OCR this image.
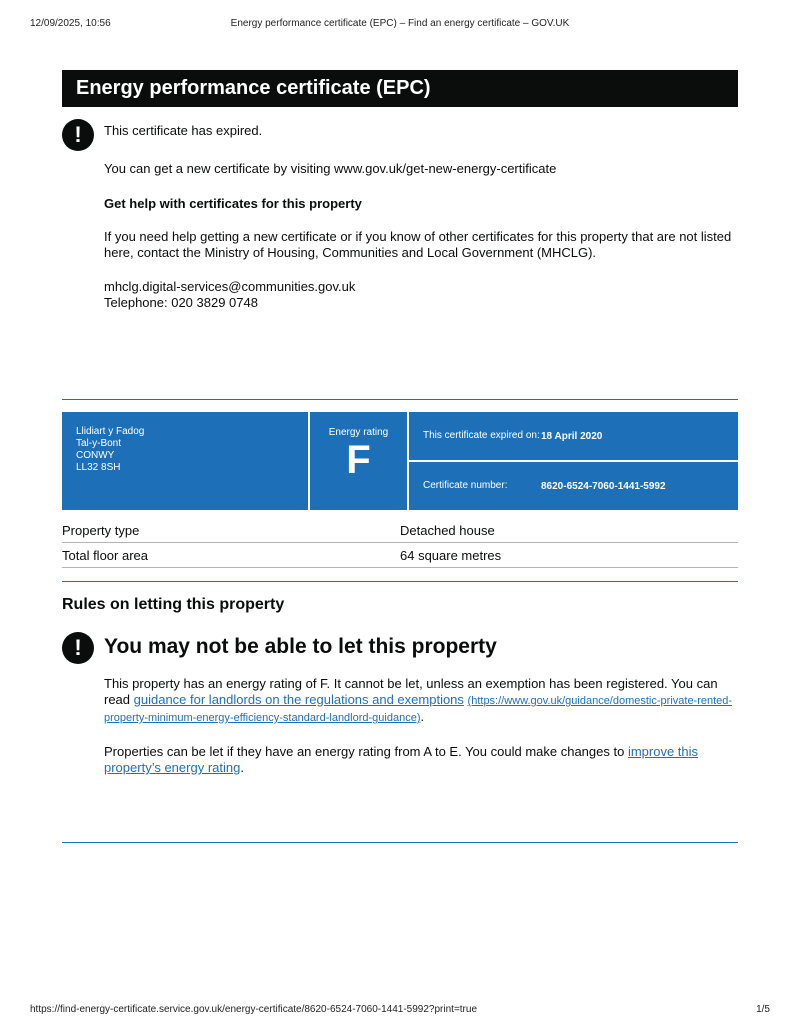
12/09/2025, 10:56	Energy performance certificate (EPC) – Find an energy certificate – GOV.UK
Energy performance certificate (EPC)
!	This certificate has expired.

You can get a new certificate by visiting www.gov.uk/get-new-energy-certificate

Get help with certificates for this property

If you need help getting a new certificate or if you know of other certificates for this property that are not listed here, contact the Ministry of Housing, Communities and Local Government (MHCLG).

mhclg.digital-services@communities.gov.uk

Telephone: 020 3829 0748

Llidiart y Fadog
Tal-y-Bont
CONWY
LL32 8SH
Energy rating
F
This certificate expired on: 18 April 2020
Certificate number:	8620-6524-7060-1441-5992
Property type	Detached house
Total floor area	64 square metres
Rules on letting this property
!	You may not be able to let this property

This property has an energy rating of F. It cannot be let, unless an exemption has been registered. You can read guidance for landlords on the regulations and exemptions (https://www.gov.uk/guidance/domestic-private-rented-property-minimum-energy-efficiency-standard-landlord-guidance).

Properties can be let if they have an energy rating from A to E. You could make changes to improve this property’s energy rating.

https://find-energy-certificate.service.gov.uk/energy-certificate/8620-6524-7060-1441-5992?print=true	1/5
